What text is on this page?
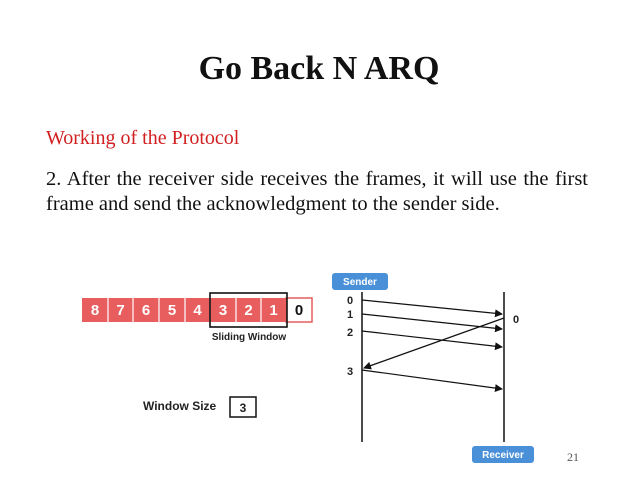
Go Back N ARQ
Working of the Protocol
2. After the receiver side receives the frames, it will use the first frame and send the acknowledgment to the sender side.
8 7 6 5 4 3 2 1 0
Sliding Window
Window Size 3
Sender
Receiver
0
1
2
3
0
21
